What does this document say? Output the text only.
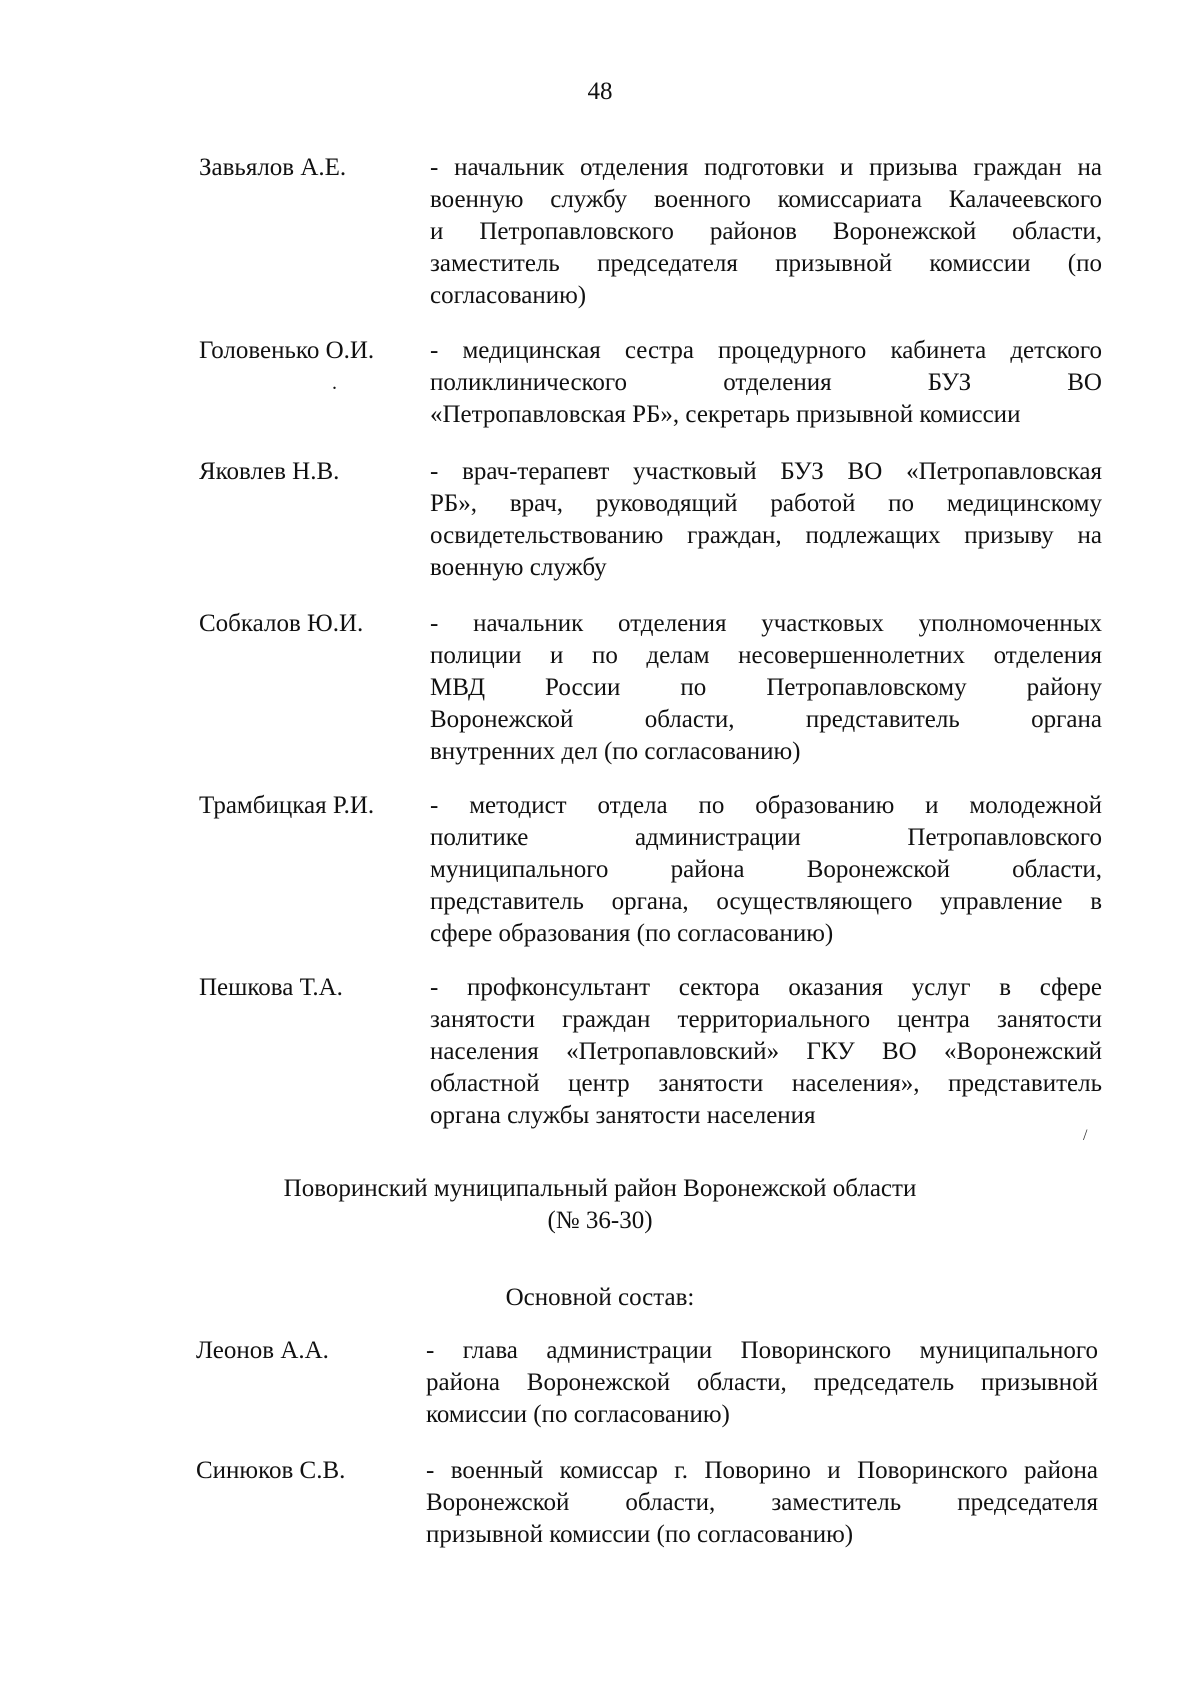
48
Завьялов А.Е.	- начальник отделения подготовки и призыва граждан на
военную службу военного комиссариата Калачеевского
и Петропавловского районов Воронежской области,
заместитель председателя призывной комиссии (по
согласованию)
Головенько О.И. - медицинская сестра процедурного кабинета детского
поликлинического отделения БУЗ ВО
«Петропавловская РБ», секретарь призывной комиссии
.
Яковлев Н.В.	- врач-терапевт участковый БУЗ ВО «Петропавловская
РБ», врач, руководящий работой по медицинскому
освидетельствованию граждан, подлежащих призыву на
военную службу
Собкалов Ю.И.	- начальник отделения участковых уполномоченных
полиции и по делам несовершеннолетних отделения
МВД России по Петропавловскому району
Воронежской области, представитель органа
внутренних дел (по согласованию)
Трамбицкая Р.И. - методист отдела по образованию и молодежной
политике администрации Петропавловского
муниципального района Воронежской области,
представитель органа, осуществляющего управление в
сфере образования (по согласованию)
Пешкова Т.А.	- профконсультант сектора оказания услуг в сфере
занятости граждан территориального центра занятости
населения «Петропавловский» ГКУ ВО «Воронежский
областной центр занятости населения», представитель
органа службы занятости населения
/
Поворинский муниципальный район Воронежской области
(№ 36-30)
Основной состав:
Леонов А.А.	- глава администрации Поворинского муниципального
района Воронежской области, председатель призывной
комиссии (по согласованию)
Синюков С.В.	- военный комиссар г. Поворино и Поворинского района
Воронежской области, заместитель председателя
призывной комиссии (по согласованию)
